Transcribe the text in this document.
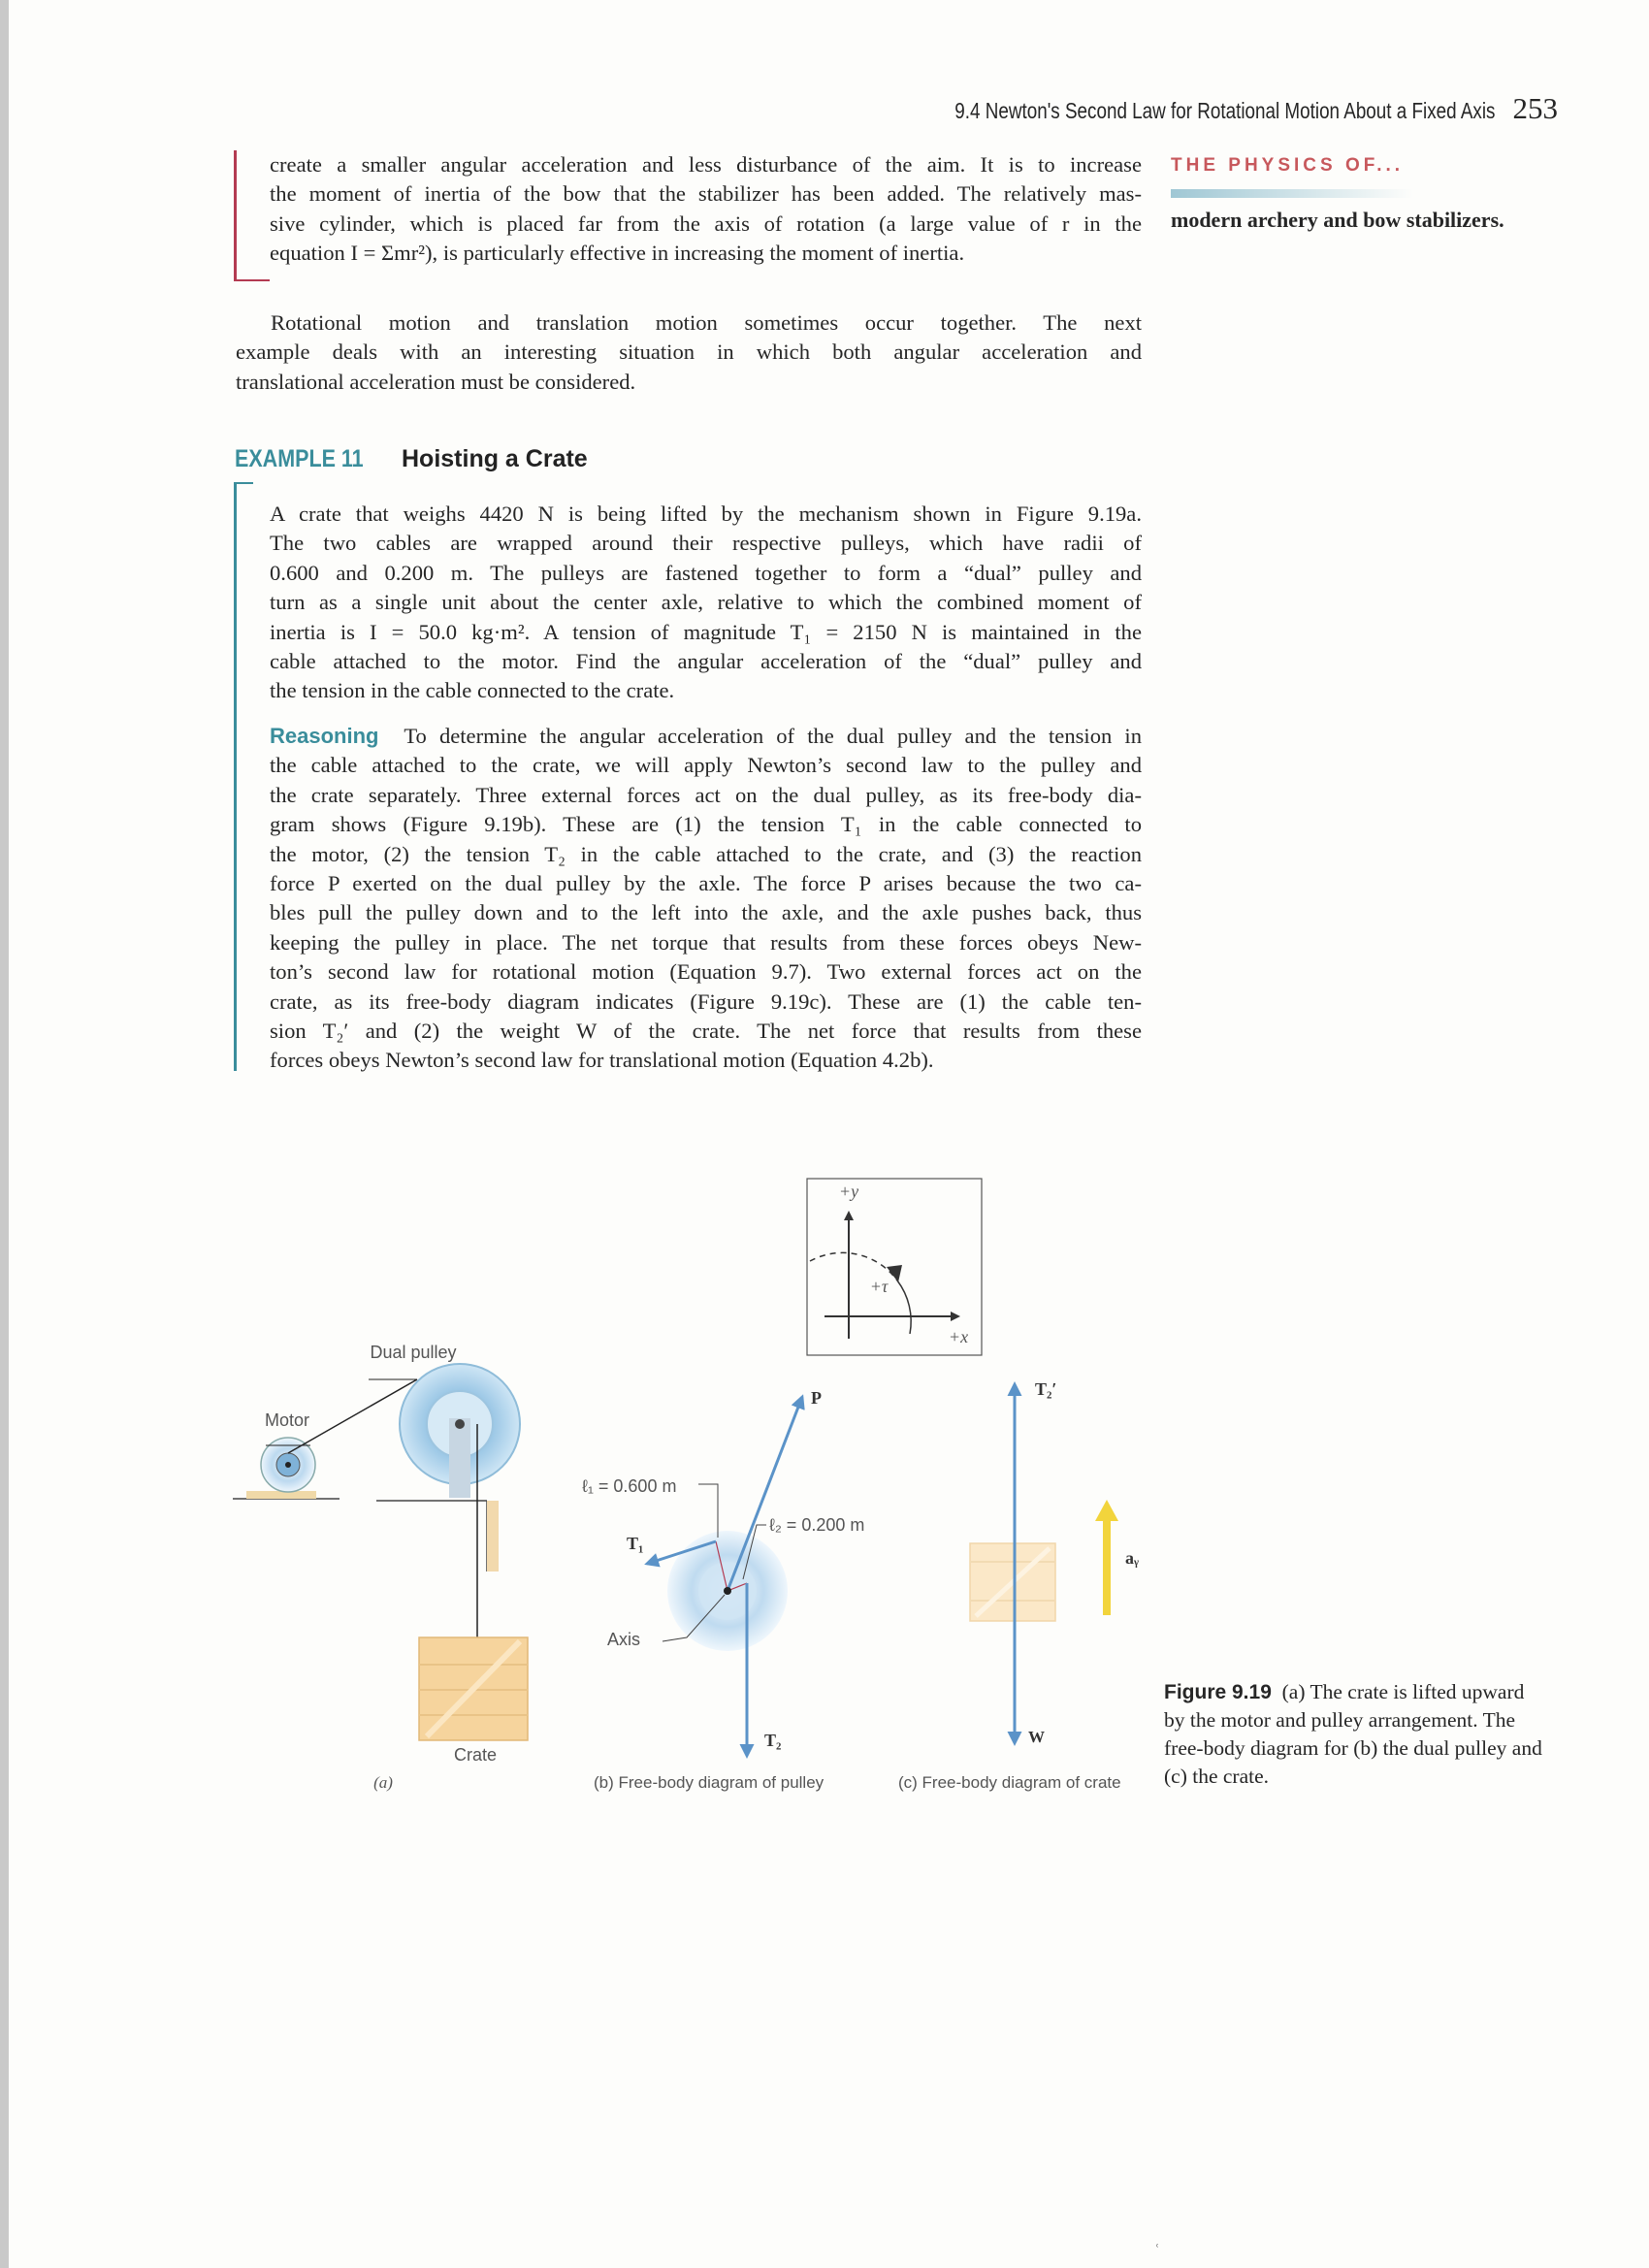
9.4 Newton's Second Law for Rotational Motion About a Fixed Axis 253

create a smaller angular acceleration and less disturbance of the aim. It is to increase
the moment of inertia of the bow that the stabilizer has been added. The relatively mas-
sive cylinder, which is placed far from the axis of rotation (a large value of r in the
equation I = Σmr²), is particularly effective in increasing the moment of inertia.

THE PHYSICS OF...
modern archery and bow stabilizers.

Rotational motion and translation motion sometimes occur together. The next
example deals with an interesting situation in which both angular acceleration and
translational acceleration must be considered.

EXAMPLE 11 Hoisting a Crate

A crate that weighs 4420 N is being lifted by the mechanism shown in Figure 9.19a.
The two cables are wrapped around their respective pulleys, which have radii of
0.600 and 0.200 m. The pulleys are fastened together to form a “dual” pulley and
turn as a single unit about the center axle, relative to which the combined moment of
inertia is I = 50.0 kg·m². A tension of magnitude T₁ = 2150 N is maintained in the
cable attached to the motor. Find the angular acceleration of the “dual” pulley and
the tension in the cable connected to the crate.

Reasoning To determine the angular acceleration of the dual pulley and the tension in
the cable attached to the crate, we will apply Newton’s second law to the pulley and
the crate separately. Three external forces act on the dual pulley, as its free-body dia-
gram shows (Figure 9.19b). These are (1) the tension T₁ in the cable connected to
the motor, (2) the tension T₂ in the cable attached to the crate, and (3) the reaction
force P exerted on the dual pulley by the axle. The force P arises because the two ca-
bles pull the pulley down and to the left into the axle, and the axle pushes back, thus
keeping the pulley in place. The net torque that results from these forces obeys New-
ton’s second law for rotational motion (Equation 9.7). Two external forces act on the
crate, as its free-body diagram indicates (Figure 9.19c). These are (1) the cable ten-
sion T₂′ and (2) the weight W of the crate. The net force that results from these
forces obeys Newton’s second law for translational motion (Equation 4.2b).

Dual pulley
Motor
Crate
(a)
+y
+τ
+x
ℓ₁ = 0.600 m
ℓ₂ = 0.200 m
T₁
P
T₂
Axis
(b) Free-body diagram of pulley
T₂′
aᵧ
W
(c) Free-body diagram of crate
Figure 9.19 (a) The crate is lifted upward by the motor and pulley arrangement. The free-body diagram for (b) the dual pulley and (c) the crate.
ʿ
